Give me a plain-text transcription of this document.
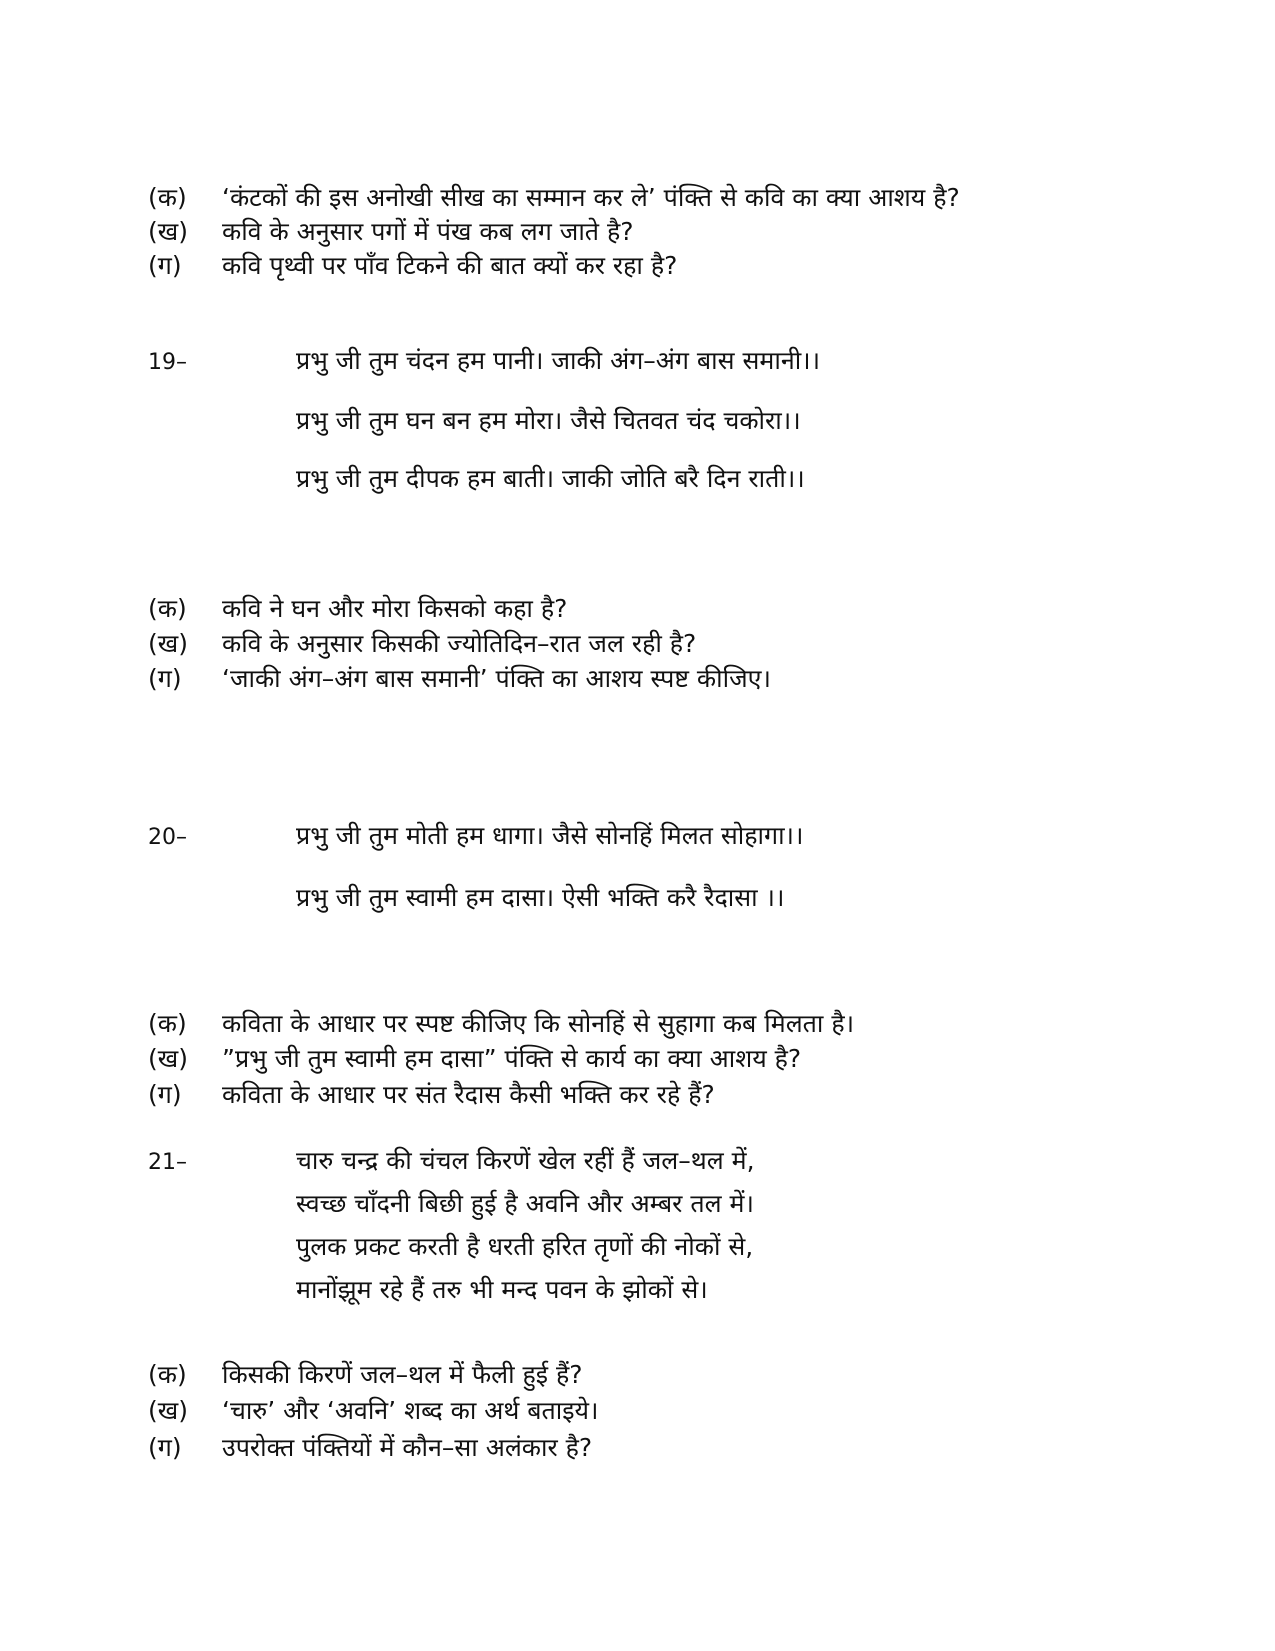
(क)	‘कंटकों की इस अनोखी सीख का सम्मान कर ले’ पंक्ति से कवि का क्या आशय है?
(ख)	कवि के अनुसार पगों में पंख कब लग जाते है?
(ग)	कवि पृथ्वी पर पाँव टिकने की बात क्यों कर रहा है?
19–	प्रभु जी तुम चंदन हम पानी। जाकी अंग–अंग बास समानी।।
प्रभु जी तुम घन बन हम मोरा। जैसे चितवत चंद चकोरा।।
प्रभु जी तुम दीपक हम बाती। जाकी जोति बरै दिन राती।।
(क)	कवि ने घन और मोरा किसको कहा है?
(ख)	कवि के अनुसार किसकी ज्योतिदिन–रात जल रही है?
(ग)	‘जाकी अंग–अंग बास समानी’ पंक्ति का आशय स्पष्ट कीजिए।
20–	प्रभु जी तुम मोती हम धागा। जैसे सोनहिं मिलत सोहागा।।
प्रभु जी तुम स्वामी हम दासा। ऐसी भक्ति करै रैदासा ।।
(क)	कविता के आधार पर स्पष्ट कीजिए कि सोनहिं से सुहागा कब मिलता है।
(ख)	”प्रभु जी तुम स्वामी हम दासा” पंक्ति से कार्य का क्या आशय है?
(ग)	कविता के आधार पर संत रैदास कैसी भक्ति कर रहे हैं?
21–	चारु चन्द्र की चंचल किरणें खेल रहीं हैं जल–थल में,
स्वच्छ चाँदनी बिछी हुई है अवनि और अम्बर तल में।
पुलक प्रकट करती है धरती हरित तृणों की नोकों से,
मानोंझूम रहे हैं तरु भी मन्द पवन के झोकों से।
(क)	किसकी किरणें जल–थल में फैली हुई हैं?
(ख)	‘चारु’ और ‘अवनि’ शब्द का अर्थ बताइये।
(ग)	उपरोक्त पंक्तियों में कौन–सा अलंकार है?
